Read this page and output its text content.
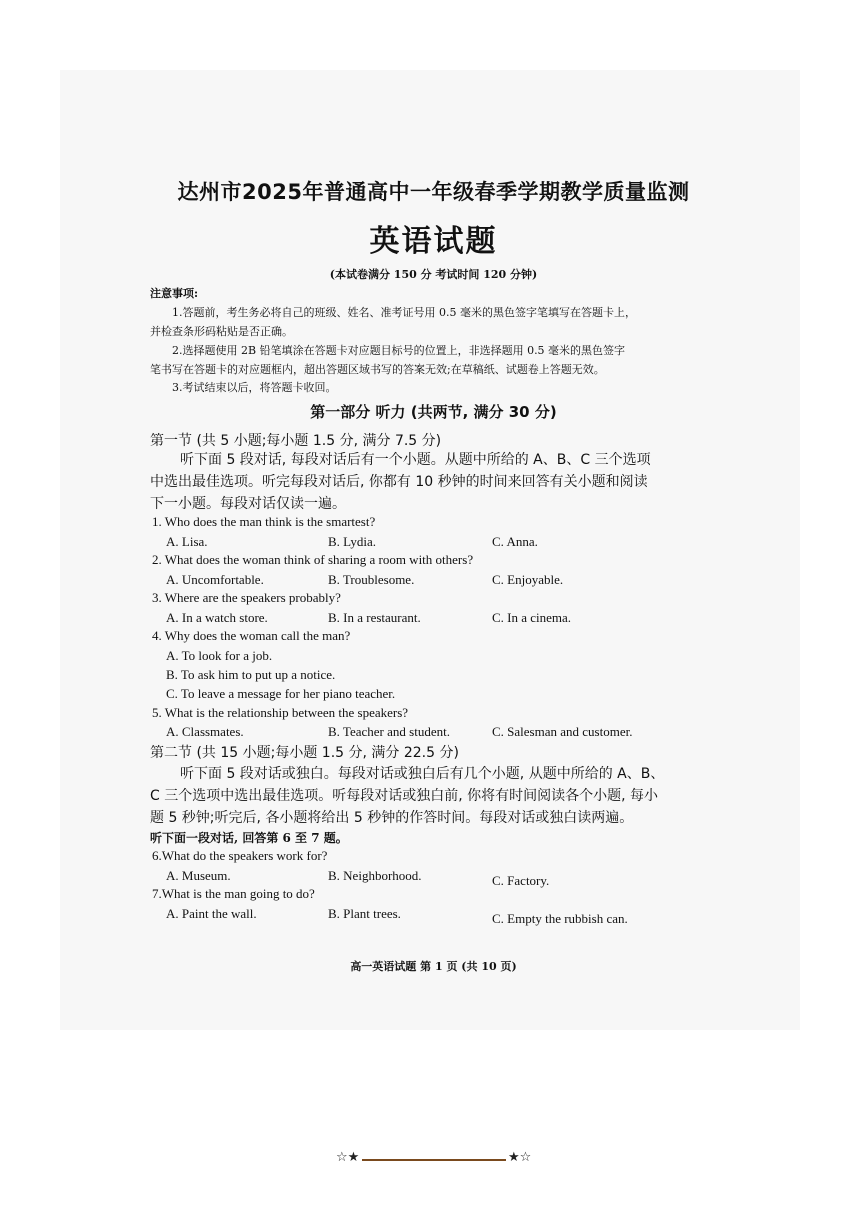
达州市2025年普通高中一年级春季学期教学质量监测
英语试题
(本试卷满分 150 分 考试时间 120 分钟)
注意事项:
1.答题前，考生务必将自己的班级、姓名、准考证号用 0.5 毫米的黑色签字笔填写在答题卡上，
并检查条形码粘贴是否正确。
2.选择题使用 2B 铅笔填涂在答题卡对应题目标号的位置上，非选择题用 0.5 毫米的黑色签字
笔书写在答题卡的对应题框内，超出答题区域书写的答案无效;在草稿纸、试题卷上答题无效。
3.考试结束以后，将答题卡收回。
第一部分 听力 (共两节, 满分 30 分)
第一节 (共 5 小题;每小题 1.5 分, 满分 7.5 分)
听下面 5 段对话, 每段对话后有一个小题。从题中所给的 A、B、C 三个选项
中选出最佳选项。听完每段对话后, 你都有 10 秒钟的时间来回答有关小题和阅读
下一小题。每段对话仅读一遍。
1. Who does the man think is the smartest?
A. Lisa.	B. Lydia.	C. Anna.
2. What does the woman think of sharing a room with others?
A. Uncomfortable.	B. Troublesome.	C. Enjoyable.
3. Where are the speakers probably?
A. In a watch store.	B. In a restaurant.	C. In a cinema.
4. Why does the woman call the man?
A. To look for a job.
B. To ask him to put up a notice.
C. To leave a message for her piano teacher.
5. What is the relationship between the speakers?
A. Classmates.	B. Teacher and student.	C. Salesman and customer.
第二节 (共 15 小题;每小题 1.5 分, 满分 22.5 分)
听下面 5 段对话或独白。每段对话或独白后有几个小题, 从题中所给的 A、B、
C 三个选项中选出最佳选项。听每段对话或独白前, 你将有时间阅读各个小题, 每小
题 5 秒钟;听完后, 各小题将给出 5 秒钟的作答时间。每段对话或独白读两遍。
听下面一段对话, 回答第 6 至 7 题。
6.What do the speakers work for?
A. Museum.	B. Neighborhood.	C. Factory.
7.What is the man going to do?
A. Paint the wall.	B. Plant trees.	C. Empty the rubbish can.
高一英语试题 第 1 页 (共 10 页)
☆★	★☆
